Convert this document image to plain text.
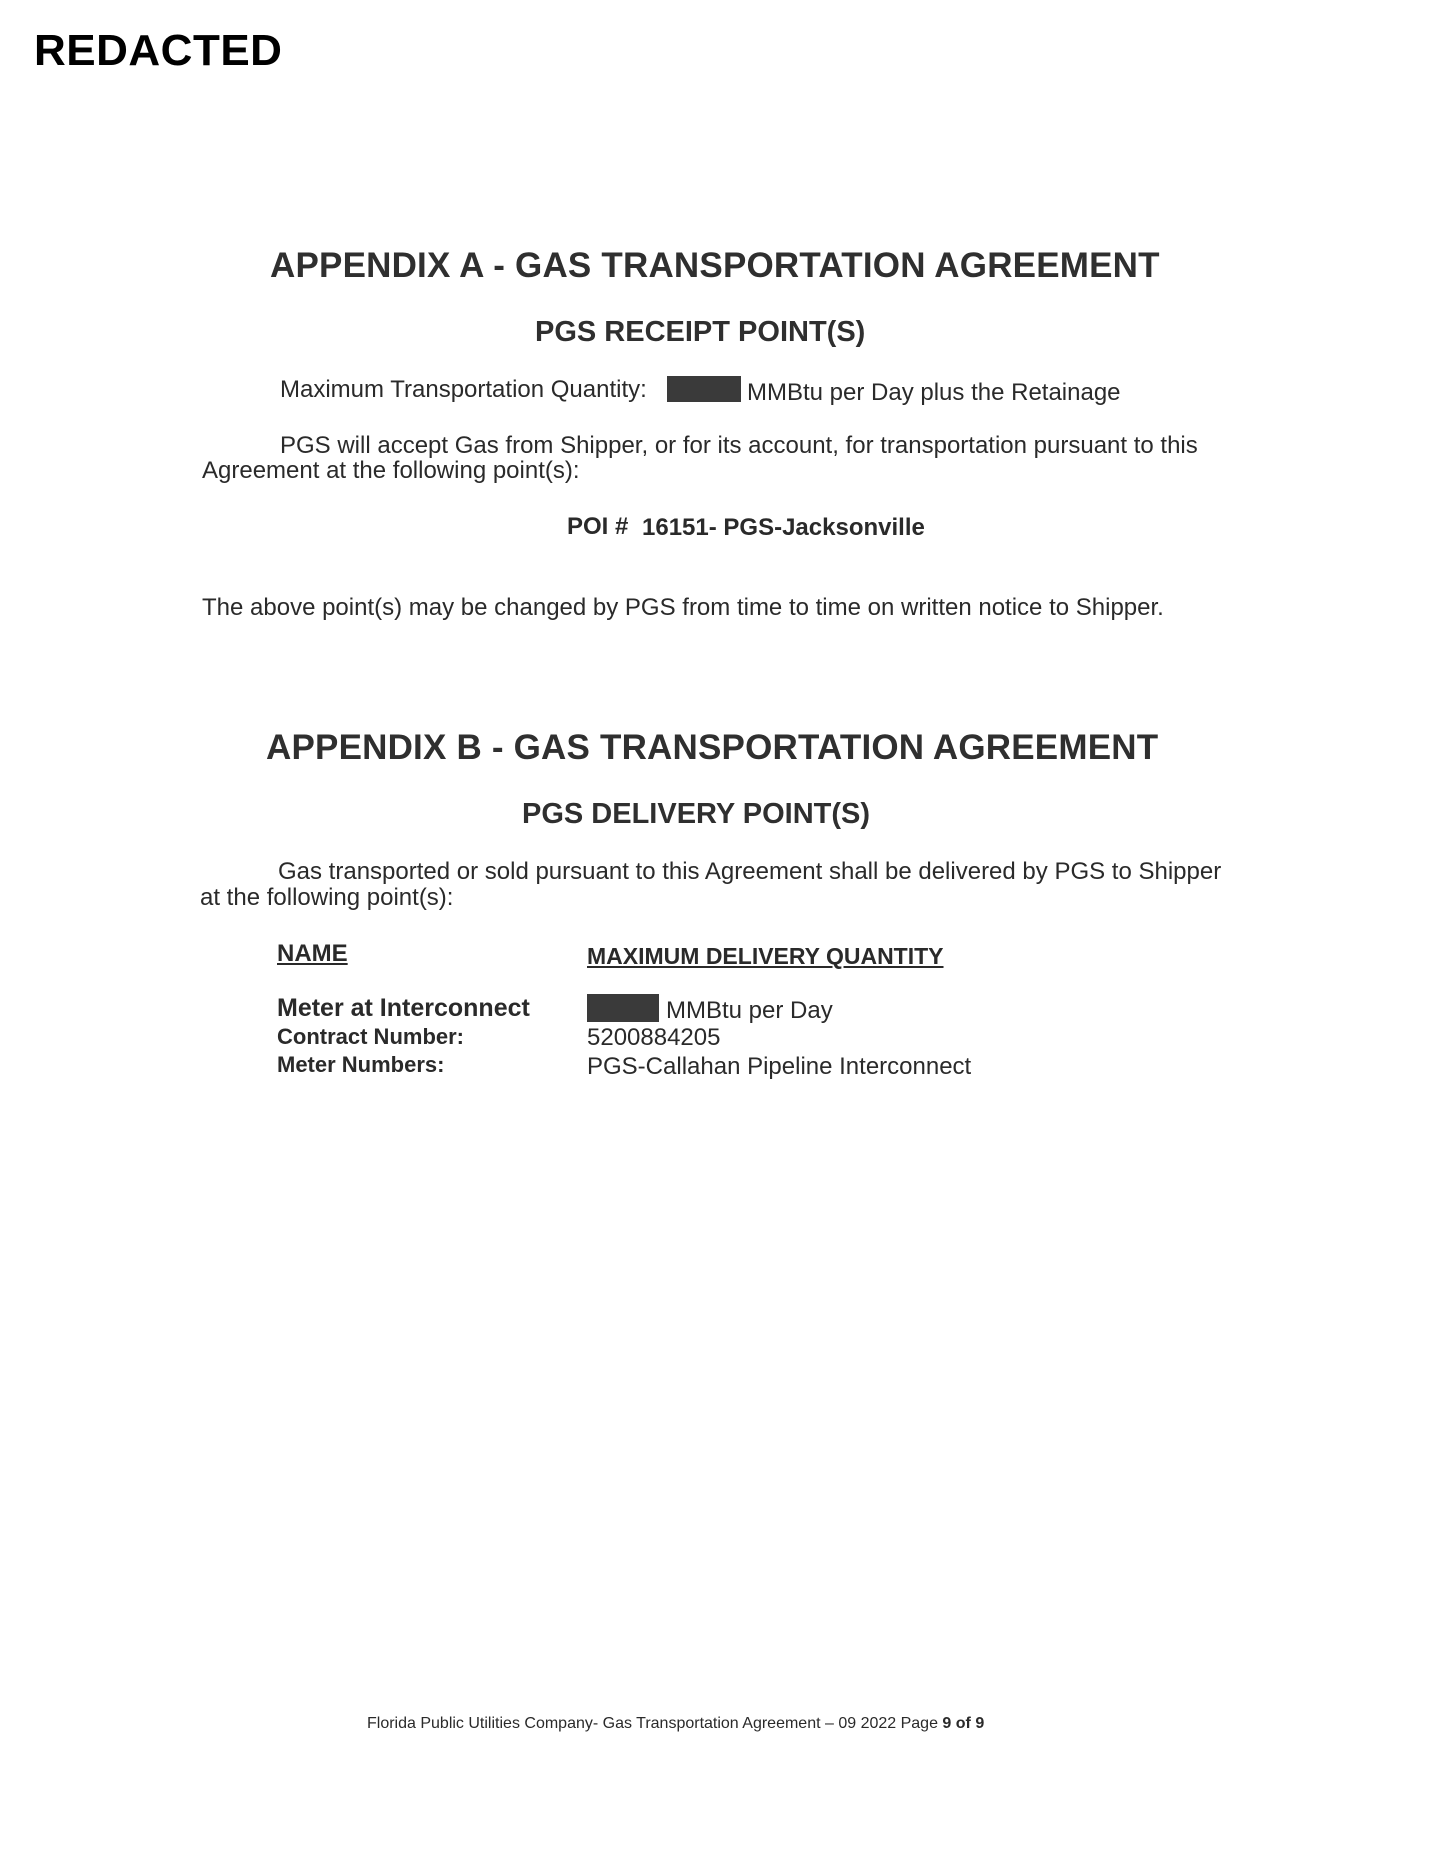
REDACTED
APPENDIX A - GAS TRANSPORTATION AGREEMENT
PGS RECEIPT POINT(S)
Maximum Transportation Quantity:	MMBtu per Day plus the Retainage
PGS will accept Gas from Shipper, or for its account, for transportation pursuant to this
Agreement at the following point(s):
POI # 16151- PGS-Jacksonville
The above point(s) may be changed by PGS from time to time on written notice to Shipper.
APPENDIX B - GAS TRANSPORTATION AGREEMENT
PGS DELIVERY POINT(S)
Gas transported or sold pursuant to this Agreement shall be delivered by PGS to Shipper
at the following point(s):
NAME	MAXIMUM DELIVERY QUANTITY
Meter at Interconnect	MMBtu per Day
Contract Number:	5200884205
Meter Numbers:	PGS-Callahan Pipeline Interconnect
Florida Public Utilities Company- Gas Transportation Agreement – 09 2022 Page 9 of 9
